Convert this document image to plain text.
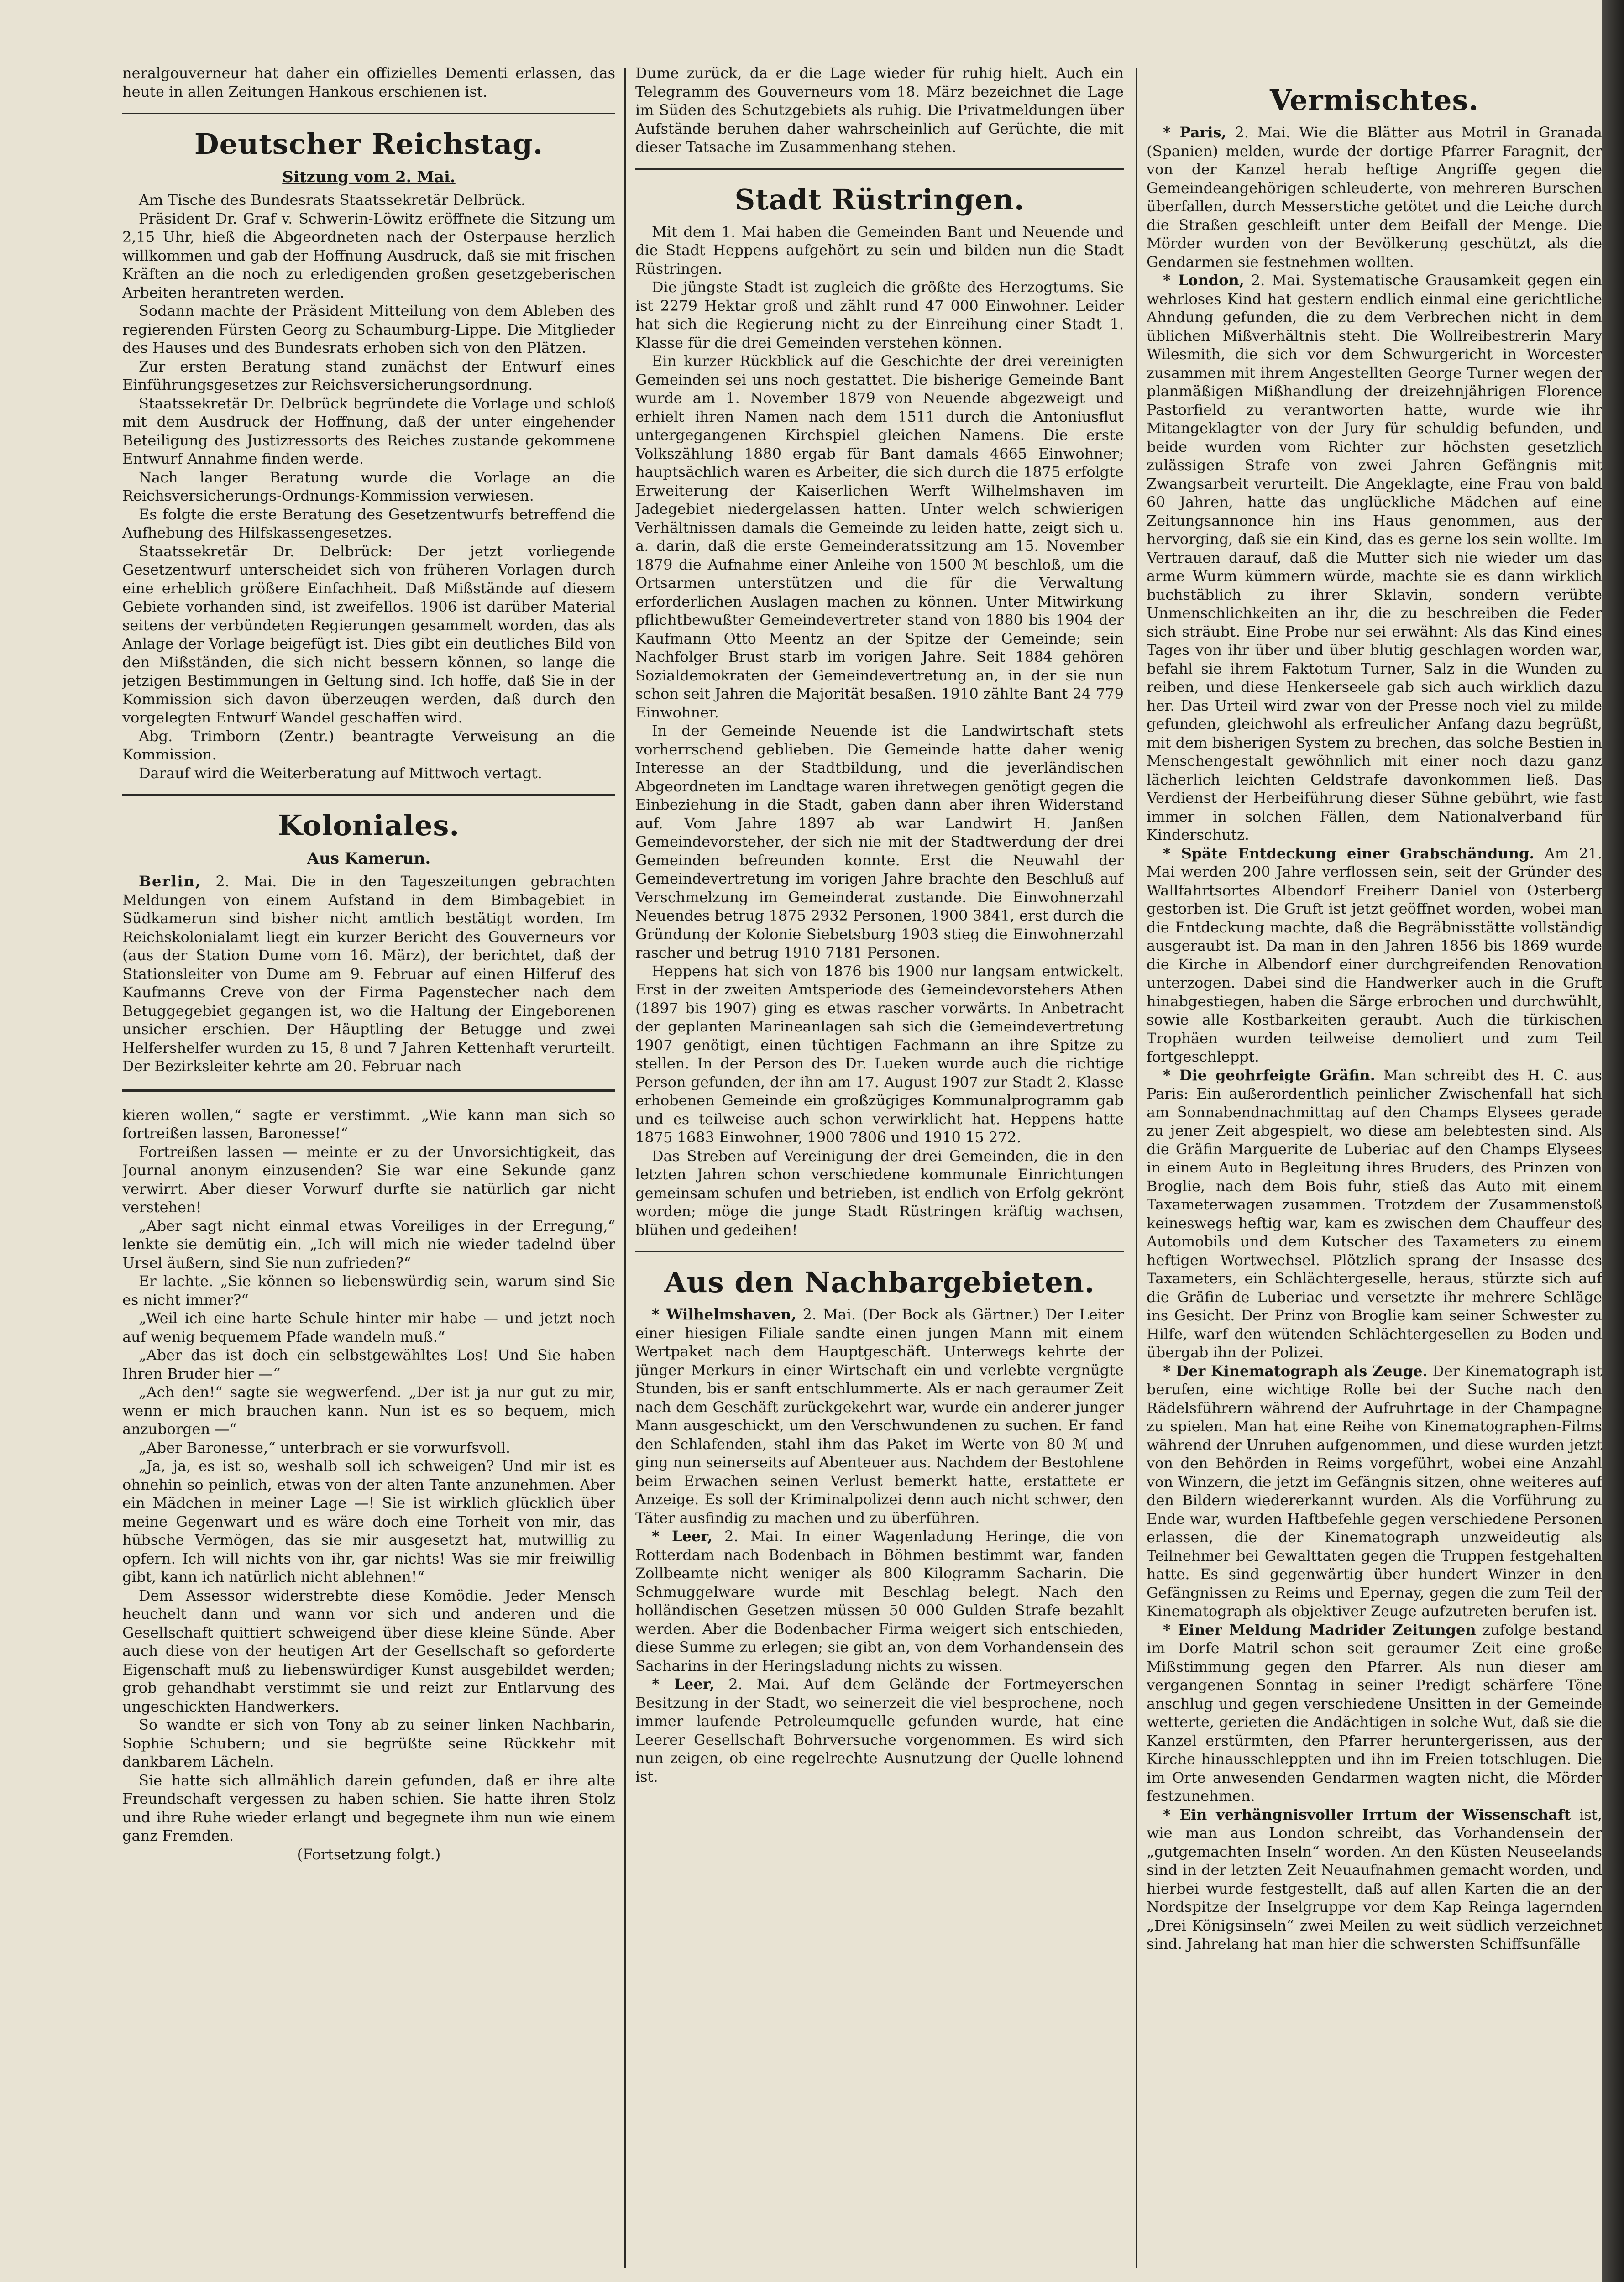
neralgouverneur hat daher ein offizielles Dementi erlassen, das heute in allen Zeitungen Hankous erschienen ist.

Deutscher Reichstag.
Sitzung vom 2. Mai.

Am Tische des Bundesrats Staatssekretär Delbrück.

Präsident Dr. Graf v. Schwerin-Löwitz eröffnete die Sitzung um 2,15 Uhr, hieß die Abgeordneten nach der Osterpause herzlich willkommen und gab der Hoffnung Ausdruck, daß sie mit frischen Kräften an die noch zu erledigenden großen gesetzgeberischen Arbeiten herantreten werden.

Sodann machte der Präsident Mitteilung von dem Ableben des regierenden Fürsten Georg zu Schaumburg-Lippe. Die Mitglieder des Hauses und des Bundesrats erhoben sich von den Plätzen.

Zur ersten Beratung stand zunächst der Entwurf eines Einführungsgesetzes zur Reichsversicherungsordnung.

Staatssekretär Dr. Delbrück begründete die Vorlage und schloß mit dem Ausdruck der Hoffnung, daß der unter eingehender Beteiligung des Justizressorts des Reiches zustande gekommene Entwurf Annahme finden werde.

Nach langer Beratung wurde die Vorlage an die Reichsversicherungs-Ordnungs-Kommission verwiesen.

Es folgte die erste Beratung des Gesetzentwurfs betreffend die Aufhebung des Hilfskassengesetzes.

Staatssekretär Dr. Delbrück: Der jetzt vorliegende Gesetzentwurf unterscheidet sich von früheren Vorlagen durch eine erheblich größere Einfachheit. Daß Mißstände auf diesem Gebiete vorhanden sind, ist zweifellos. 1906 ist darüber Material seitens der verbündeten Regierungen gesammelt worden, das als Anlage der Vorlage beigefügt ist. Dies gibt ein deutliches Bild von den Mißständen, die sich nicht bessern können, so lange die jetzigen Bestimmungen in Geltung sind. Ich hoffe, daß Sie in der Kommission sich davon überzeugen werden, daß durch den vorgelegten Entwurf Wandel geschaffen wird.

Abg. Trimborn (Zentr.) beantragte Verweisung an die Kommission.

Darauf wird die Weiterberatung auf Mittwoch vertagt.

Koloniales.
Aus Kamerun.

Berlin, 2. Mai. Die in den Tageszeitungen gebrachten Meldungen von einem Aufstand in dem Bimbagebiet in Südkamerun sind bisher nicht amtlich bestätigt worden. Im Reichskolonialamt liegt ein kurzer Bericht des Gouverneurs vor (aus der Station Dume vom 16. März), der berichtet, daß der Stationsleiter von Dume am 9. Februar auf einen Hilferuf des Kaufmanns Creve von der Firma Pagenstecher nach dem Betuggegebiet gegangen ist, wo die Haltung der Eingeborenen unsicher erschien. Der Häuptling der Betugge und zwei Helfershelfer wurden zu 15, 8 und 7 Jahren Kettenhaft verurteilt. Der Bezirksleiter kehrte am 20. Februar nach

kieren wollen,“ sagte er verstimmt. „Wie kann man sich so fortreißen lassen, Baronesse!“

Fortreißen lassen — meinte er zu der Unvorsichtigkeit, das Journal anonym einzusenden? Sie war eine Sekunde ganz verwirrt. Aber dieser Vorwurf durfte sie natürlich gar nicht verstehen!

„Aber sagt nicht einmal etwas Voreiliges in der Erregung,“ lenkte sie demütig ein. „Ich will mich nie wieder tadelnd über Ursel äußern, sind Sie nun zufrieden?“

Er lachte. „Sie können so liebenswürdig sein, warum sind Sie es nicht immer?“

„Weil ich eine harte Schule hinter mir habe — und jetzt noch auf wenig bequemem Pfade wandeln muß.“

„Aber das ist doch ein selbstgewähltes Los! Und Sie haben Ihren Bruder hier —“

„Ach den!“ sagte sie wegwerfend. „Der ist ja nur gut zu mir, wenn er mich brauchen kann. Nun ist es so bequem, mich anzuborgen —“

„Aber Baronesse,“ unterbrach er sie vorwurfsvoll.

„Ja, ja, es ist so, weshalb soll ich schweigen? Und mir ist es ohnehin so peinlich, etwas von der alten Tante anzunehmen. Aber ein Mädchen in meiner Lage —! Sie ist wirklich glücklich über meine Gegenwart und es wäre doch eine Torheit von mir, das hübsche Vermögen, das sie mir ausgesetzt hat, mutwillig zu opfern. Ich will nichts von ihr, gar nichts! Was sie mir freiwillig gibt, kann ich natürlich nicht ablehnen!“

Dem Assessor widerstrebte diese Komödie. Jeder Mensch heuchelt dann und wann vor sich und anderen und die Gesellschaft quittiert schweigend über diese kleine Sünde. Aber auch diese von der heutigen Art der Gesellschaft so geforderte Eigenschaft muß zu liebenswürdiger Kunst ausgebildet werden; grob gehandhabt verstimmt sie und reizt zur Entlarvung des ungeschickten Handwerkers.

So wandte er sich von Tony ab zu seiner linken Nachbarin, Sophie Schubern; und sie begrüßte seine Rückkehr mit dankbarem Lächeln.

Sie hatte sich allmählich darein gefunden, daß er ihre alte Freundschaft vergessen zu haben schien. Sie hatte ihren Stolz und ihre Ruhe wieder erlangt und begegnete ihm nun wie einem ganz Fremden.

(Fortsetzung folgt.)

Dume zurück, da er die Lage wieder für ruhig hielt. Auch ein Telegramm des Gouverneurs vom 18. März bezeichnet die Lage im Süden des Schutzgebiets als ruhig. Die Privatmeldungen über Aufstände beruhen daher wahrscheinlich auf Gerüchte, die mit dieser Tatsache im Zusammenhang stehen.

Stadt Rüstringen.

Mit dem 1. Mai haben die Gemeinden Bant und Neuende und die Stadt Heppens aufgehört zu sein und bilden nun die Stadt Rüstringen.

Die jüngste Stadt ist zugleich die größte des Herzogtums. Sie ist 2279 Hektar groß und zählt rund 47 000 Einwohner. Leider hat sich die Regierung nicht zu der Einreihung einer Stadt 1. Klasse für die drei Gemeinden verstehen können.

Ein kurzer Rückblick auf die Geschichte der drei vereinigten Gemeinden sei uns noch gestattet. Die bisherige Gemeinde Bant wurde am 1. November 1879 von Neuende abgezweigt und erhielt ihren Namen nach dem 1511 durch die Antoniusflut untergegangenen Kirchspiel gleichen Namens. Die erste Volkszählung 1880 ergab für Bant damals 4665 Einwohner; hauptsächlich waren es Arbeiter, die sich durch die 1875 erfolgte Erweiterung der Kaiserlichen Werft Wilhelmshaven im Jadegebiet niedergelassen hatten. Unter welch schwierigen Verhältnissen damals die Gemeinde zu leiden hatte, zeigt sich u. a. darin, daß die erste Gemeinderatssitzung am 15. November 1879 die Aufnahme einer Anleihe von 1500 ℳ beschloß, um die Ortsarmen unterstützen und die für die Verwaltung erforderlichen Auslagen machen zu können. Unter Mitwirkung pflichtbewußter Gemeindevertreter stand von 1880 bis 1904 der Kaufmann Otto Meentz an der Spitze der Gemeinde; sein Nachfolger Brust starb im vorigen Jahre. Seit 1884 gehören Sozialdemokraten der Gemeindevertretung an, in der sie nun schon seit Jahren die Majorität besaßen. 1910 zählte Bant 24 779 Einwohner.

In der Gemeinde Neuende ist die Landwirtschaft stets vorherrschend geblieben. Die Gemeinde hatte daher wenig Interesse an der Stadtbildung, und die jeverländischen Abgeordneten im Landtage waren ihretwegen genötigt gegen die Einbeziehung in die Stadt, gaben dann aber ihren Widerstand auf. Vom Jahre 1897 ab war Landwirt H. Janßen Gemeindevorsteher, der sich nie mit der Stadtwerdung der drei Gemeinden befreunden konnte. Erst die Neuwahl der Gemeindevertretung im vorigen Jahre brachte den Beschluß auf Verschmelzung im Gemeinderat zustande. Die Einwohnerzahl Neuendes betrug 1875 2932 Personen, 1900 3841, erst durch die Gründung der Kolonie Siebetsburg 1903 stieg die Einwohnerzahl rascher und betrug 1910 7181 Personen.

Heppens hat sich von 1876 bis 1900 nur langsam entwickelt. Erst in der zweiten Amtsperiode des Gemeindevorstehers Athen (1897 bis 1907) ging es etwas rascher vorwärts. In Anbetracht der geplanten Marineanlagen sah sich die Gemeindevertretung 1907 genötigt, einen tüchtigen Fachmann an ihre Spitze zu stellen. In der Person des Dr. Lueken wurde auch die richtige Person gefunden, der ihn am 17. August 1907 zur Stadt 2. Klasse erhobenen Gemeinde ein großzügiges Kommunalprogramm gab und es teilweise auch schon verwirklicht hat. Heppens hatte 1875 1683 Einwohner, 1900 7806 und 1910 15 272.

Das Streben auf Vereinigung der drei Gemeinden, die in den letzten Jahren schon verschiedene kommunale Einrichtungen gemeinsam schufen und betrieben, ist endlich von Erfolg gekrönt worden; möge die junge Stadt Rüstringen kräftig wachsen, blühen und gedeihen!

Aus den Nachbargebieten.

* Wilhelmshaven, 2. Mai. (Der Bock als Gärtner.) Der Leiter einer hiesigen Filiale sandte einen jungen Mann mit einem Wertpaket nach dem Hauptgeschäft. Unterwegs kehrte der jünger Merkurs in einer Wirtschaft ein und verlebte vergnügte Stunden, bis er sanft entschlummerte. Als er nach geraumer Zeit nach dem Geschäft zurückgekehrt war, wurde ein anderer junger Mann ausgeschickt, um den Verschwundenen zu suchen. Er fand den Schlafenden, stahl ihm das Paket im Werte von 80 ℳ und ging nun seinerseits auf Abenteuer aus. Nachdem der Bestohlene beim Erwachen seinen Verlust bemerkt hatte, erstattete er Anzeige. Es soll der Kriminalpolizei denn auch nicht schwer, den Täter ausfindig zu machen und zu überführen.

* Leer, 2. Mai. In einer Wagenladung Heringe, die von Rotterdam nach Bodenbach in Böhmen bestimmt war, fanden Zollbeamte nicht weniger als 800 Kilogramm Sacharin. Die Schmuggelware wurde mit Beschlag belegt. Nach den holländischen Gesetzen müssen 50 000 Gulden Strafe bezahlt werden. Aber die Bodenbacher Firma weigert sich entschieden, diese Summe zu erlegen; sie gibt an, von dem Vorhandensein des Sacharins in der Heringsladung nichts zu wissen.

* Leer, 2. Mai. Auf dem Gelände der Fortmeyerschen Besitzung in der Stadt, wo seinerzeit die viel besprochene, noch immer laufende Petroleumquelle gefunden wurde, hat eine Leerer Gesellschaft Bohrversuche vorgenommen. Es wird sich nun zeigen, ob eine regelrechte Ausnutzung der Quelle lohnend ist.

Vermischtes.

* Paris, 2. Mai. Wie die Blätter aus Motril in Granada (Spanien) melden, wurde der dortige Pfarrer Faragnit, der von der Kanzel herab heftige Angriffe gegen die Gemeindeangehörigen schleuderte, von mehreren Burschen überfallen, durch Messerstiche getötet und die Leiche durch die Straßen geschleift unter dem Beifall der Menge. Die Mörder wurden von der Bevölkerung geschützt, als die Gendarmen sie festnehmen wollten.

* London, 2. Mai. Systematische Grausamkeit gegen ein wehrloses Kind hat gestern endlich einmal eine gerichtliche Ahndung gefunden, die zu dem Verbrechen nicht in dem üblichen Mißverhältnis steht. Die Wollreibestrerin Mary Wilesmith, die sich vor dem Schwurgericht in Worcester zusammen mit ihrem Angestellten George Turner wegen der planmäßigen Mißhandlung der dreizehnjährigen Florence Pastorfield zu verantworten hatte, wurde wie ihr Mitangeklagter von der Jury für schuldig befunden, und beide wurden vom Richter zur höchsten gesetzlich zulässigen Strafe von zwei Jahren Gefängnis mit Zwangsarbeit verurteilt. Die Angeklagte, eine Frau von bald 60 Jahren, hatte das unglückliche Mädchen auf eine Zeitungsannonce hin ins Haus genommen, aus der hervorging, daß sie ein Kind, das es gerne los sein wollte. Im Vertrauen darauf, daß die Mutter sich nie wieder um das arme Wurm kümmern würde, machte sie es dann wirklich buchstäblich zu ihrer Sklavin, sondern verübte Unmenschlichkeiten an ihr, die zu beschreiben die Feder sich sträubt. Eine Probe nur sei erwähnt: Als das Kind eines Tages von ihr über und über blutig geschlagen worden war, befahl sie ihrem Faktotum Turner, Salz in die Wunden zu reiben, und diese Henkerseele gab sich auch wirklich dazu her. Das Urteil wird zwar von der Presse noch viel zu milde gefunden, gleichwohl als erfreulicher Anfang dazu begrüßt, mit dem bisherigen System zu brechen, das solche Bestien in Menschengestalt gewöhnlich mit einer noch dazu ganz lächerlich leichten Geldstrafe davonkommen ließ. Das Verdienst der Herbeiführung dieser Sühne gebührt, wie fast immer in solchen Fällen, dem Nationalverband für Kinderschutz.

* Späte Entdeckung einer Grabschändung. Am 21. Mai werden 200 Jahre verflossen sein, seit der Gründer des Wallfahrtsortes Albendorf Freiherr Daniel von Osterberg gestorben ist. Die Gruft ist jetzt geöffnet worden, wobei man die Entdeckung machte, daß die Begräbnisstätte vollständig ausgeraubt ist. Da man in den Jahren 1856 bis 1869 wurde die Kirche in Albendorf einer durchgreifenden Renovation unterzogen. Dabei sind die Handwerker auch in die Gruft hinabgestiegen, haben die Särge erbrochen und durchwühlt, sowie alle Kostbarkeiten geraubt. Auch die türkischen Trophäen wurden teilweise demoliert und zum Teil fortgeschleppt.

* Die geohrfeigte Gräfin. Man schreibt des H. C. aus Paris: Ein außerordentlich peinlicher Zwischenfall hat sich am Sonnabendnachmittag auf den Champs Elysees gerade zu jener Zeit abgespielt, wo diese am belebtesten sind. Als die Gräfin Marguerite de Luberiac auf den Champs Elysees in einem Auto in Begleitung ihres Bruders, des Prinzen von Broglie, nach dem Bois fuhr, stieß das Auto mit einem Taxameterwagen zusammen. Trotzdem der Zusammenstoß keineswegs heftig war, kam es zwischen dem Chauffeur des Automobils und dem Kutscher des Taxameters zu einem heftigen Wortwechsel. Plötzlich sprang der Insasse des Taxameters, ein Schlächtergeselle, heraus, stürzte sich auf die Gräfin de Luberiac und versetzte ihr mehrere Schläge ins Gesicht. Der Prinz von Broglie kam seiner Schwester zu Hilfe, warf den wütenden Schlächtergesellen zu Boden und übergab ihn der Polizei.

* Der Kinematograph als Zeuge. Der Kinematograph ist berufen, eine wichtige Rolle bei der Suche nach den Rädelsführern während der Aufruhrtage in der Champagne zu spielen. Man hat eine Reihe von Kinematographen-Films während der Unruhen aufgenommen, und diese wurden jetzt von den Behörden in Reims vorgeführt, wobei eine Anzahl von Winzern, die jetzt im Gefängnis sitzen, ohne weiteres auf den Bildern wiedererkannt wurden. Als die Vorführung zu Ende war, wurden Haftbefehle gegen verschiedene Personen erlassen, die der Kinematograph unzweideutig als Teilnehmer bei Gewalttaten gegen die Truppen festgehalten hatte. Es sind gegenwärtig über hundert Winzer in den Gefängnissen zu Reims und Epernay, gegen die zum Teil der Kinematograph als objektiver Zeuge aufzutreten berufen ist.

* Einer Meldung Madrider Zeitungen zufolge bestand im Dorfe Matril schon seit geraumer Zeit eine große Mißstimmung gegen den Pfarrer. Als nun dieser am vergangenen Sonntag in seiner Predigt schärfere Töne anschlug und gegen verschiedene Unsitten in der Gemeinde wetterte, gerieten die Andächtigen in solche Wut, daß sie die Kanzel erstürmten, den Pfarrer heruntergerissen, aus der Kirche hinausschleppten und ihn im Freien totschlugen. Die im Orte anwesenden Gendarmen wagten nicht, die Mörder festzunehmen.

* Ein verhängnisvoller Irrtum der Wissenschaft ist, wie man aus London schreibt, das Vorhandensein der „gutgemachten Inseln“ worden. An den Küsten Neuseelands sind in der letzten Zeit Neuaufnahmen gemacht worden, und hierbei wurde festgestellt, daß auf allen Karten die an der Nordspitze der Inselgruppe vor dem Kap Reinga lagernden „Drei Königsinseln“ zwei Meilen zu weit südlich verzeichnet sind. Jahrelang hat man hier die schwersten Schiffsunfälle
